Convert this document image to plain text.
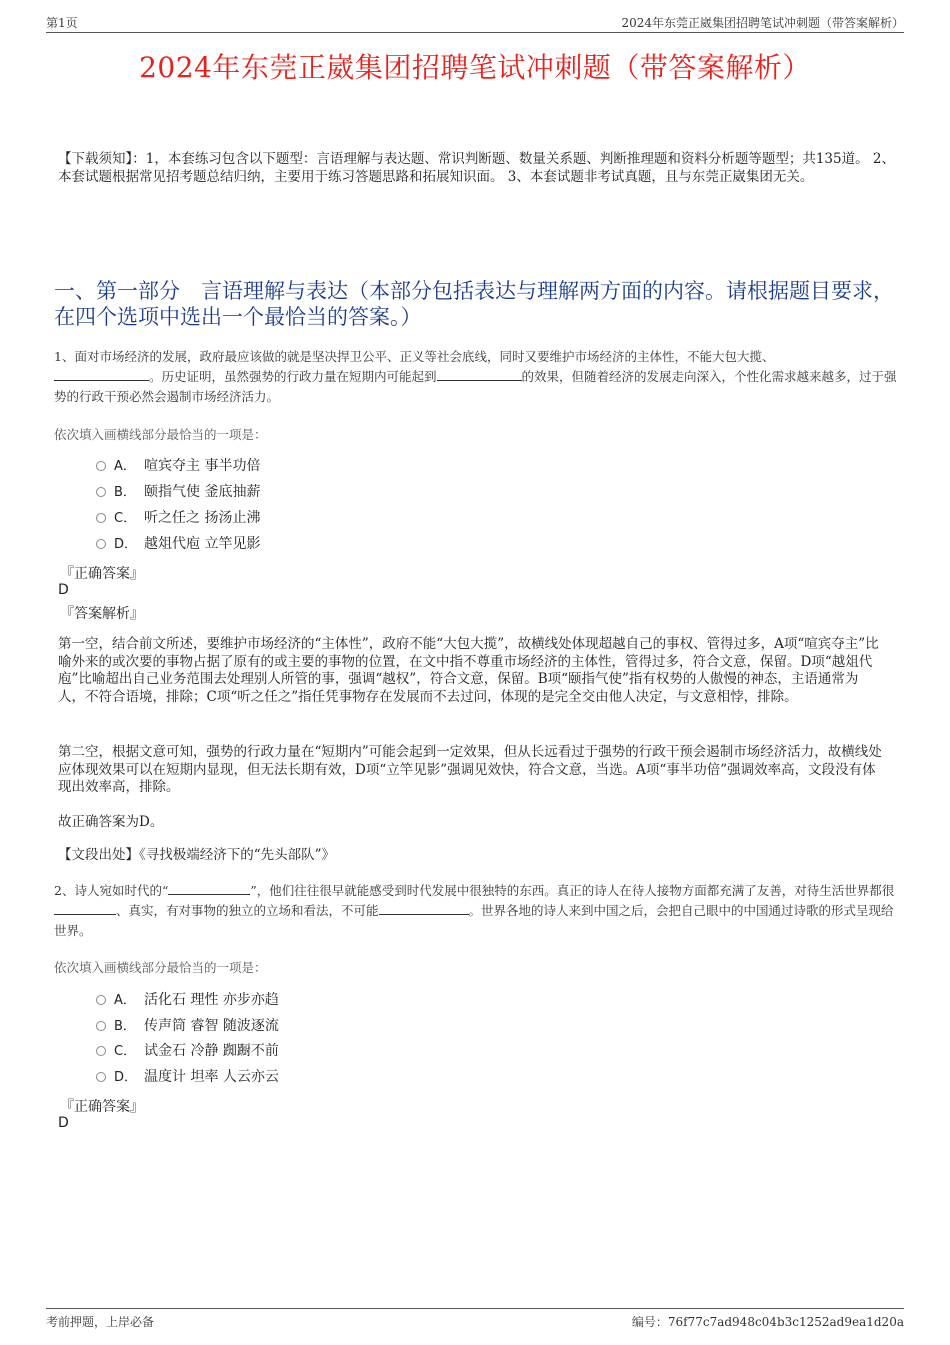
第1页	2024年东莞正崴集团招聘笔试冲刺题（带答案解析）
2024年东莞正崴集团招聘笔试冲刺题（带答案解析）
【下载须知】：1，本套练习包含以下题型：言语理解与表达题、常识判断题、数量关系题、判断推理题和资料分析题等题型；共135道。 2、本套试题根据常见招考题总结归纳，主要用于练习答题思路和拓展知识面。 3、本套试题非考试真题，且与东莞正崴集团无关。
一、第一部分　言语理解与表达（本部分包括表达与理解两方面的内容。请根据题目要求，在四个选项中选出一个最恰当的答案。）
1、面对市场经济的发展，政府最应该做的就是坚决捍卫公平、正义等社会底线，同时又要维护市场经济的主体性，不能大包大揽、
。历史证明，虽然强势的行政力量在短期内可能起到	的效果，但随着经济的发展走向深入，个性化需求越来越多，过于强势的行政干预必然会遏制市场经济活力。
依次填入画横线部分最恰当的一项是：
A． 喧宾夺主 事半功倍
B． 颐指气使 釜底抽薪
C． 听之任之 扬汤止沸
D． 越俎代庖 立竿见影
『正确答案』
D
『答案解析』
第一空，结合前文所述，要维护市场经济的“主体性”，政府不能“大包大揽”，故横线处体现超越自己的事权、管得过多，A项“喧宾夺主”比喻外来的或次要的事物占据了原有的或主要的事物的位置，在文中指不尊重市场经济的主体性，管得过多，符合文意，保留。D项“越俎代庖”比喻超出自己业务范围去处理别人所管的事，强调“越权”，符合文意，保留。B项“颐指气使”指有权势的人傲慢的神态，主语通常为人，不符合语境，排除；C项“听之任之”指任凭事物存在发展而不去过问，体现的是完全交由他人决定，与文意相悖，排除。
第二空，根据文意可知，强势的行政力量在“短期内”可能会起到一定效果，但从长远看过于强势的行政干预会遏制市场经济活力，故横线处应体现效果可以在短期内显现，但无法长期有效，D项“立竿见影”强调见效快，符合文意，当选。A项“事半功倍”强调效率高，文段没有体现出效率高，排除。
故正确答案为D。
【文段出处】《寻找极端经济下的“先头部队”》
2、诗人宛如时代的“	”，他们往往很早就能感受到时代发展中很独特的东西。真正的诗人在待人接物方面都充满了友善，对待生活世界都很、真实，有对事物的独立的立场和看法，不可能	。世界各地的诗人来到中国之后，会把自己眼中的中国通过诗歌的形式呈现给世界。
依次填入画横线部分最恰当的一项是：
A． 活化石 理性 亦步亦趋
B． 传声筒 睿智 随波逐流
C． 试金石 冷静 踟蹰不前
D． 温度计 坦率 人云亦云
『正确答案』
D
考前押题，上岸必备	编号：76f77c7ad948c04b3c1252ad9ea1d20a
